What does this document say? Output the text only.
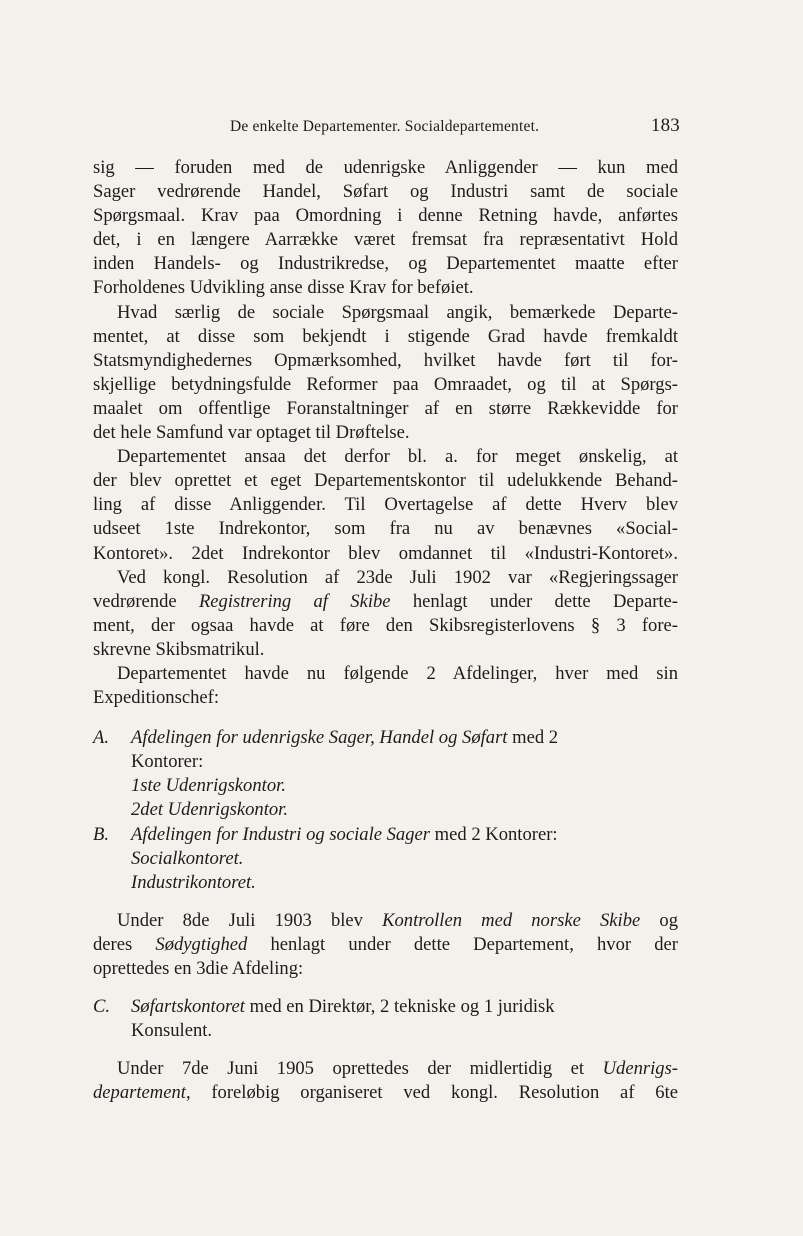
De enkelte Departementer. Socialdepartementet.	183
sig — foruden med de udenrigske Anliggender — kun med
Sager vedrørende Handel, Søfart og Industri samt de sociale
Spørgsmaal. Krav paa Omordning i denne Retning havde, anførtes
det, i en længere Aarrække været fremsat fra repræsentativt Hold
inden Handels- og Industrikredse, og Departementet maatte efter
Forholdenes Udvikling anse disse Krav for beføiet.
Hvad særlig de sociale Spørgsmaal angik, bemærkede Departe-
mentet, at disse som bekjendt i stigende Grad havde fremkaldt
Statsmyndighedernes Opmærksomhed, hvilket havde ført til for-
skjellige betydningsfulde Reformer paa Omraadet, og til at Spørgs-
maalet om offentlige Foranstaltninger af en større Rækkevidde for
det hele Samfund var optaget til Drøftelse.
Departementet ansaa det derfor bl. a. for meget ønskelig, at
der blev oprettet et eget Departementskontor til udelukkende Behand-
ling af disse Anliggender. Til Overtagelse af dette Hverv blev
udseet 1ste Indrekontor, som fra nu av benævnes «Social-
Kontoret». 2det Indrekontor blev omdannet til «Industri-Kontoret».
Ved kongl. Resolution af 23de Juli 1902 var «Regjeringssager
vedrørende Registrering af Skibe henlagt under dette Departe-
ment, der ogsaa havde at føre den Skibsregisterlovens § 3 fore-
skrevne Skibsmatrikul.
Departementet havde nu følgende 2 Afdelinger, hver med sin
Expeditionschef:
A. Afdelingen for udenrigske Sager, Handel og Søfart med 2
Kontorer:
1ste Udenrigskontor.
2det Udenrigskontor.
B. Afdelingen for Industri og sociale Sager med 2 Kontorer:
Socialkontoret.
Industrikontoret.
Under 8de Juli 1903 blev Kontrollen med norske Skibe og
deres Sødygtighed henlagt under dette Departement, hvor der
oprettedes en 3die Afdeling:
C. Søfartskontoret med en Direktør, 2 tekniske og 1 juridisk
Konsulent.
Under 7de Juni 1905 oprettedes der midlertidig et Udenrigs-
departement, foreløbig organiseret ved kongl. Resolution af 6te
